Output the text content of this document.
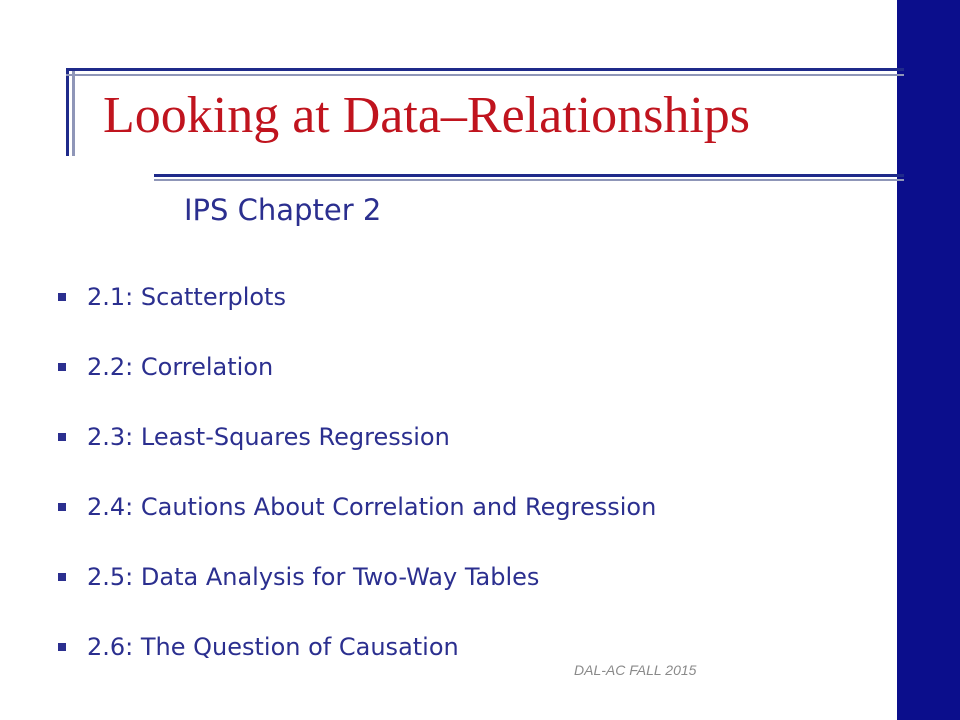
Looking at Data–Relationships
IPS Chapter 2
2.1: Scatterplots
2.2: Correlation
2.3: Least-Squares Regression
2.4: Cautions About Correlation and Regression
2.5: Data Analysis for Two-Way Tables
2.6: The Question of Causation
DAL-AC FALL 2015
